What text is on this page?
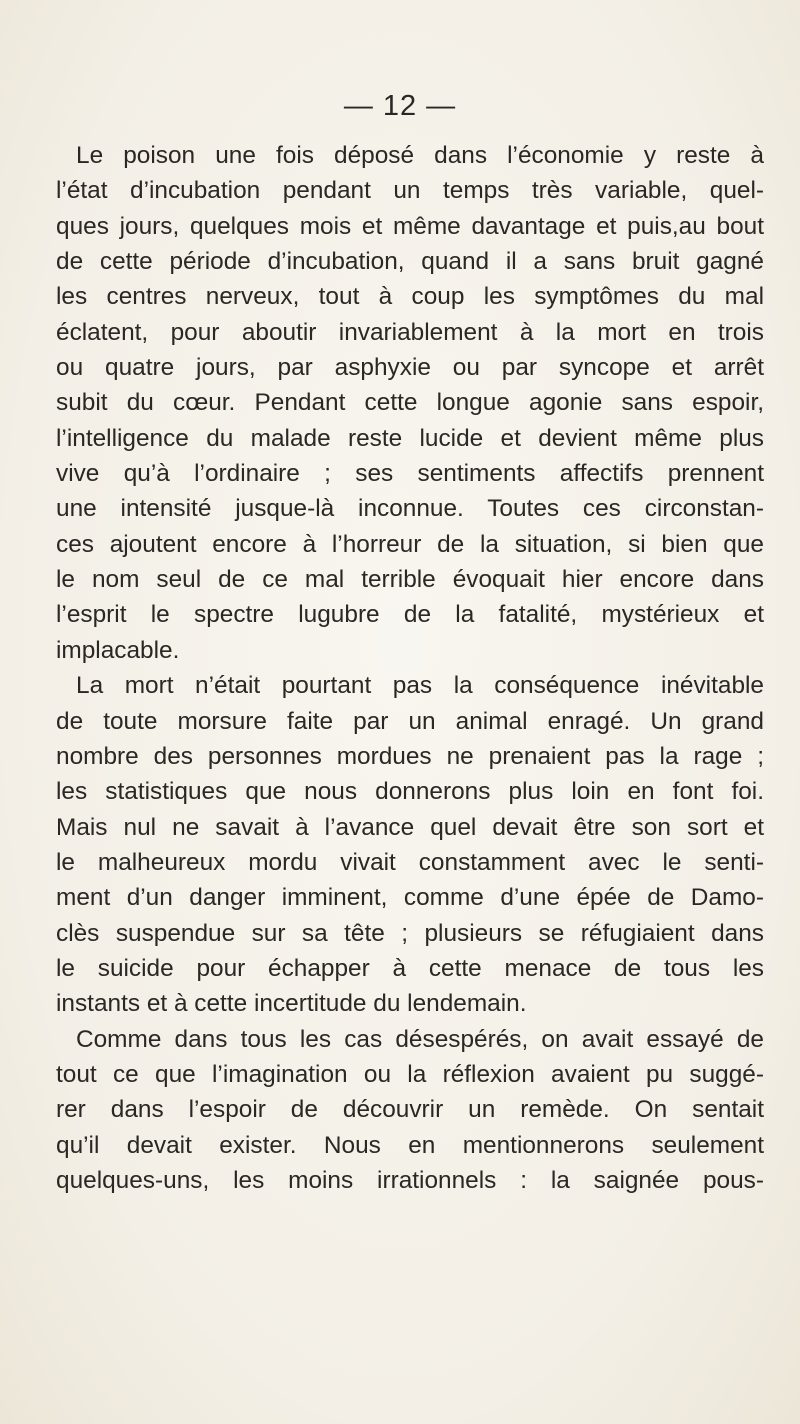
— 12 —
Le poison une fois déposé dans l’économie y reste à
l’état d’incubation pendant un temps très variable, quel-
ques jours, quelques mois et même davantage et puis,au bout
de cette période d’incubation, quand il a sans bruit gagné
les centres nerveux, tout à coup les symptômes du mal
éclatent, pour aboutir invariablement à la mort en trois
ou quatre jours, par asphyxie ou par syncope et arrêt
subit du cœur. Pendant cette longue agonie sans espoir,
l’intelligence du malade reste lucide et devient même plus
vive qu’à l’ordinaire ; ses sentiments affectifs prennent
une intensité jusque-là inconnue. Toutes ces circonstan-
ces ajoutent encore à l’horreur de la situation, si bien que
le nom seul de ce mal terrible évoquait hier encore dans
l’esprit le spectre lugubre de la fatalité, mystérieux et
implacable.
La mort n’était pourtant pas la conséquence inévitable
de toute morsure faite par un animal enragé. Un grand
nombre des personnes mordues ne prenaient pas la rage ;
les statistiques que nous donnerons plus loin en font foi.
Mais nul ne savait à l’avance quel devait être son sort et
le malheureux mordu vivait constamment avec le senti-
ment d’un danger imminent, comme d’une épée de Damo-
clès suspendue sur sa tête ; plusieurs se réfugiaient dans
le suicide pour échapper à cette menace de tous les
instants et à cette incertitude du lendemain.
Comme dans tous les cas désespérés, on avait essayé de
tout ce que l’imagination ou la réflexion avaient pu suggé-
rer dans l’espoir de découvrir un remède. On sentait
qu’il devait exister. Nous en mentionnerons seulement
quelques-uns, les moins irrationnels : la saignée pous-
